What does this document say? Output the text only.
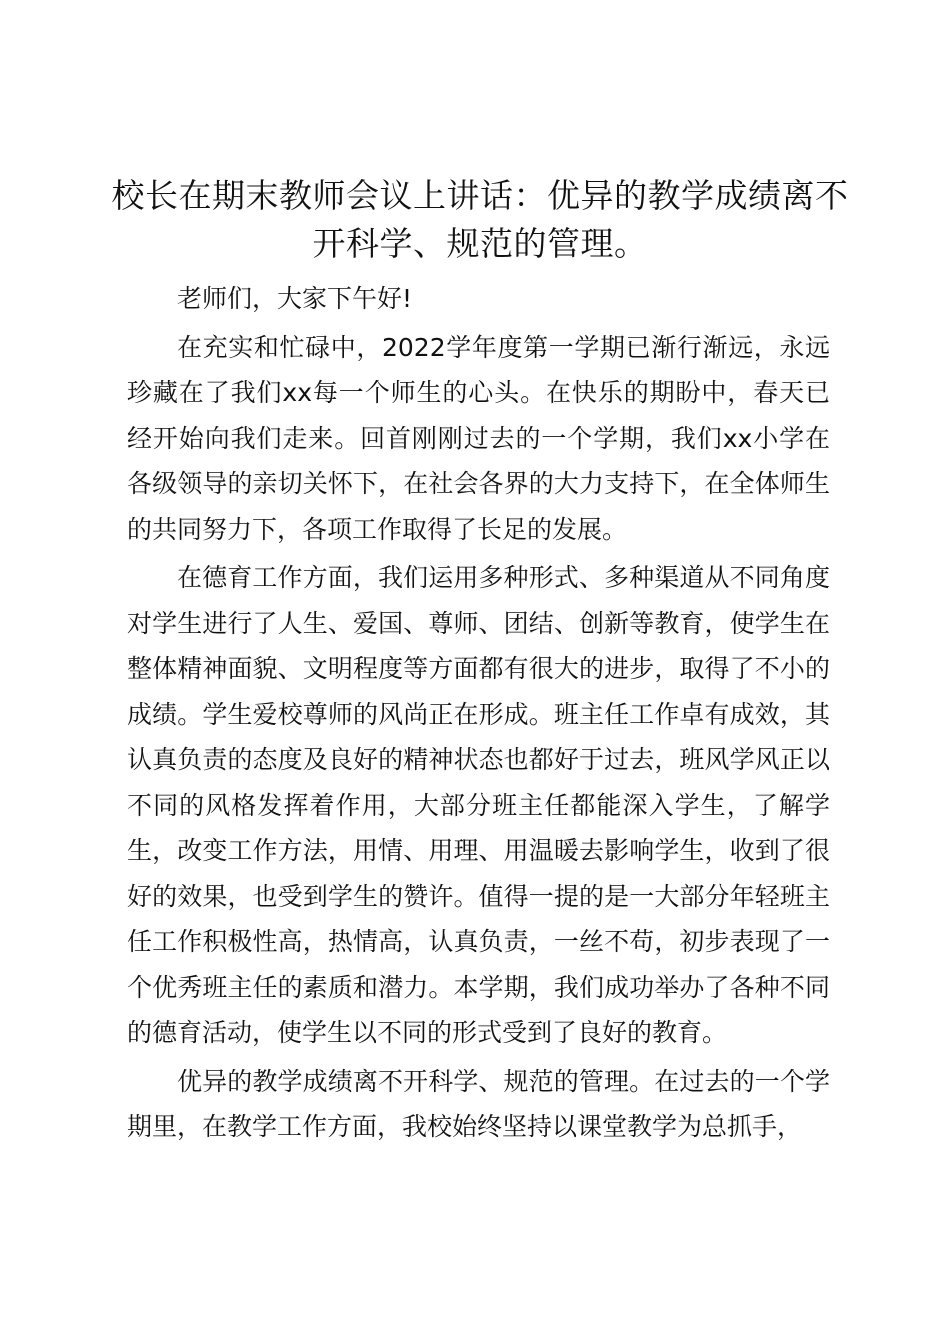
校长在期末教师会议上讲话：优异的教学成绩离不开科学、规范的管理。

老师们，大家下午好!

在充实和忙碌中，2022学年度第一学期已渐行渐远，永远珍藏在了我们xx每一个师生的心头。在快乐的期盼中，春天已经开始向我们走来。回首刚刚过去的一个学期，我们xx小学在各级领导的亲切关怀下，在社会各界的大力支持下，在全体师生的共同努力下，各项工作取得了长足的发展。

在德育工作方面，我们运用多种形式、多种渠道从不同角度对学生进行了人生、爱国、尊师、团结、创新等教育，使学生在整体精神面貌、文明程度等方面都有很大的进步，取得了不小的成绩。学生爱校尊师的风尚正在形成。班主任工作卓有成效，其认真负责的态度及良好的精神状态也都好于过去，班风学风正以不同的风格发挥着作用，大部分班主任都能深入学生，了解学生，改变工作方法，用情、用理、用温暖去影响学生，收到了很好的效果，也受到学生的赞许。值得一提的是一大部分年轻班主任工作积极性高，热情高，认真负责，一丝不苟，初步表现了一个优秀班主任的素质和潜力。本学期，我们成功举办了各种不同的德育活动，使学生以不同的形式受到了良好的教育。

优异的教学成绩离不开科学、规范的管理。在过去的一个学期里，在教学工作方面，我校始终坚持以课堂教学为总抓手，
